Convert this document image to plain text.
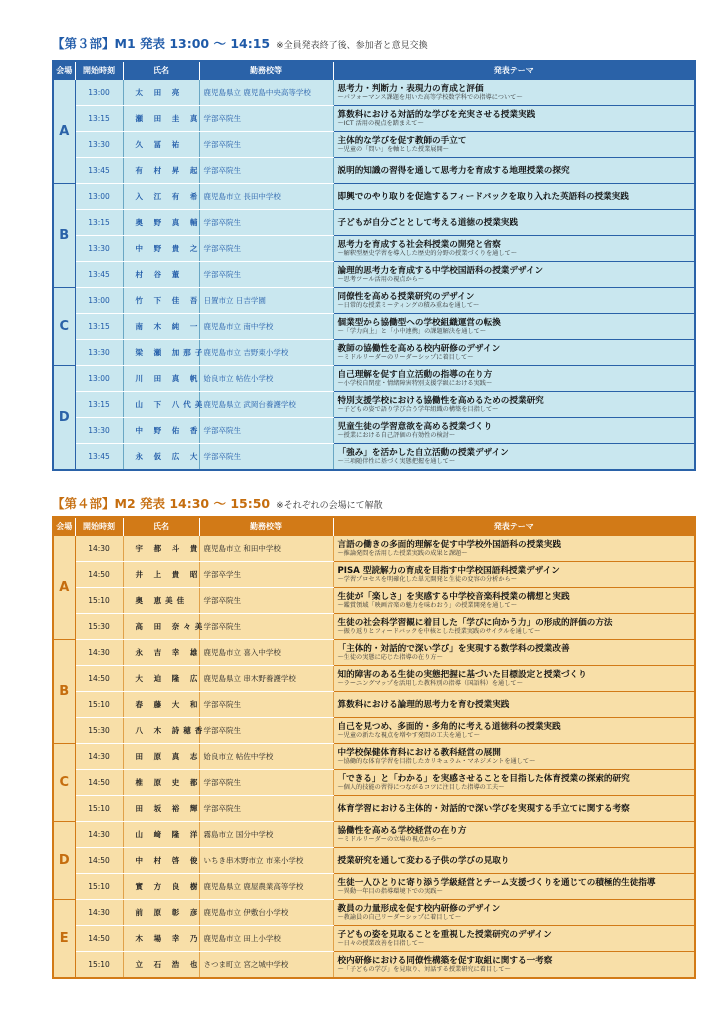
【第３部】M1 発表 13:00 ～ 14:15 ※全員発表終了後、参加者と意見交換
会場	開始時刻	氏名	勤務校等	発表テーマ
A	13:00	太 田 亮	鹿児島県立 鹿児島中央高等学校	思考力・判断力・表現力の育成と評価
～パフォーマンス課題を用いた高等学校数学科での指導について～

	13:15	瀬 田 圭 真	学部卒院生	算数科における対話的な学びを充実させる授業実践
～ICT 活用の視点を踏まえて～

	13:30	久 冨 祐	学部卒院生	主体的な学びを促す教師の手立て
～児童の「問い」を軸とした授業展開～

	13:45	有 村 昇 起	学部卒院生	説明的知識の習得を通して思考力を育成する地理授業の探究

B	13:00	入 江 有 希	鹿児島市立 長田中学校	即興でのやり取りを促進するフィードバックを取り入れた英語科の授業実践

	13:15	奥 野 真 輔	学部卒院生	子どもが自分ごととして考える道徳の授業実践

	13:30	中 野 貴 之	学部卒院生	思考力を育成する社会科授業の開発と省察
～解釈型歴史学習を導入した歴史的分野の授業づくりを通して～

	13:45	村 谷 董	学部卒院生	論理的思考力を育成する中学校国語科の授業デザイン
～思考ツール活用の視点から～

C	13:00	竹 下 佳 吾	日置市立 日吉学園	同僚性を高める授業研究のデザイン
～日常的な授業ミーティングの積み重ねを通して～

	13:15	南 木 純 一	鹿児島市立 南中学校	個業型から協働型への学校組織運営の転換
～「学力向上」と「小中連携」の課題解決を通して～

	13:30	梁 瀬 加那子	鹿児島市立 吉野東小学校	教師の協働性を高める校内研修のデザイン
～ミドルリーダーのリーダーシップに着目して～

D	13:00	川 田 真 帆	姶良市立 帖佐小学校	自己理解を促す自立活動の指導の在り方
～小学校自閉症・情緒障害特別支援学級における実践～

	13:15	山 下 八代美	鹿児島県立 武岡台養護学校	特別支援学校における協働性を高めるための授業研究
～子どもの姿で語り学び合う学年組織の構築を目指して～

	13:30	中 野 佑 香	学部卒院生	児童生徒の学習意欲を高める授業づくり
～授業における自己評価の有効性の検討～

	13:45	永 仮 広 大	学部卒院生	「強み」を活かした自立活動の授業デザイン
～三項随伴性に基づく実態把握を通して～
【第４部】M2 発表 14:30 ～ 15:50 ※それぞれの会場にて解散
会場	開始時刻	氏名	勤務校等	発表テーマ
A	14:30	宇 都 斗 貴	鹿児島市立 和田中学校	言語の働きの多面的理解を促す中学校外国語科の授業実践
～推論発問を活用した授業実践の成果と課題～

	14:50	井 上 貴 昭	学部卒学生	PISA 型読解力の育成を目指す中学校国語科授業デザイン
～学習プロセスを明確化した単元開発と生徒の変容の分析から～

	15:10	奥 恵美佳	学部卒院生	生徒が「楽しさ」を実感する中学校音楽科授業の構想と実践
～鑑賞領域「映画音楽の魅力を味わおう」の授業開発を通して～

	15:30	高 田 奈々美	学部卒院生	生徒の社会科学習観に着目した「学びに向かう力」の形成的評価の方法
～振り返りとフィードバックを中核とした授業実践のサイクルを通して～

B	14:30	永 吉 幸 雄	鹿児島市立 喜入中学校	「主体的・対話的で深い学び」を実現する数学科の授業改善
～生徒の実態に応じた指導の在り方～

	14:50	大 迫 隆 広	鹿児島県立 串木野養護学校	知的障害のある生徒の実態把握に基づいた目標設定と授業づくり
～ラーニングマップを活用した教科別の指導（国語科）を通して～

	15:10	春 藤 大 和	学部卒院生	算数科における論理的思考力を育む授業実践

	15:30	八 木 詩穂香	学部卒院生	自己を見つめ、多面的・多角的に考える道徳科の授業実践
～児童の新たな視点を増やす発問の工夫を通して～

C	14:30	田 原 真 志	姶良市立 帖佐中学校	中学校保健体育科における教科経営の展開
～協働的な体育学習を目指したカリキュラム・マネジメントを通して～

	14:50	椎 原 史 都	学部卒院生	「できる」と「わかる」を実感させることを目指した体育授業の探索的研究
～個人的技能の習得につながるコツに注目した指導の工夫～

	15:10	田 坂 裕 輝	学部卒院生	体育学習における主体的・対話的で深い学びを実現する手立てに関する考察

D	14:30	山 﨑 隆 洋	霧島市立 国分中学校	協働性を高める学校経営の在り方
～ミドルリーダーの立場の視点から～

	14:50	中 村 啓 俊	いちき串木野市立 市来小学校	授業研究を通して変わる子供の学びの見取り

	15:10	實 方 良 樹	鹿児島県立 鹿屋農業高等学校	生徒一人ひとりに寄り添う学級経営とチーム支援づくりを通じての積極的生徒指導
～異動一年目の指導環境下での実践～

E	14:30	前 原 彰 彦	鹿児島市立 伊敷台小学校	教員の力量形成を促す校内研修のデザイン
～教諭員の自己リーダーシップに着目して～

	14:50	木 場 幸 乃	鹿児島市立 田上小学校	子どもの姿を見取ることを重視した授業研究のデザイン
～日々の授業改善を目指して～

	15:10	立 石 浩 也	さつま町立 宮之城中学校	校内研修における同僚性構築を促す取組に関する一考察
～「子どもの学び」を見取り、対話する授業研究に着目して～
